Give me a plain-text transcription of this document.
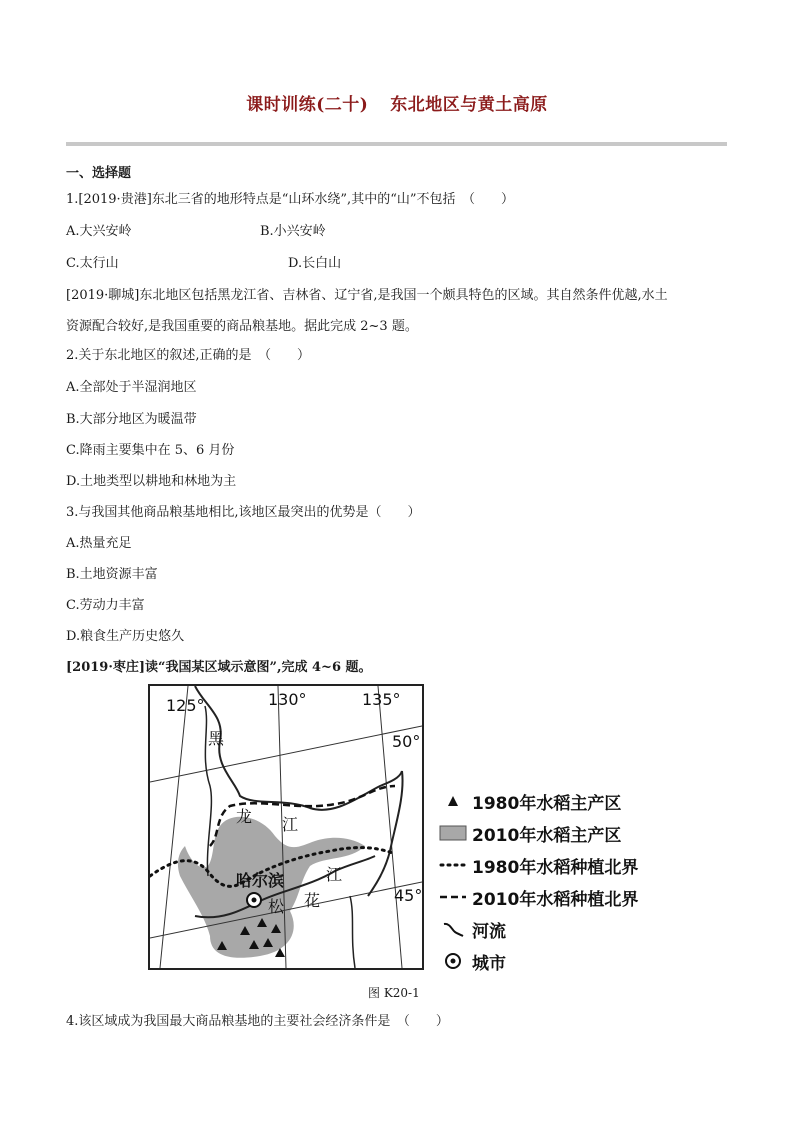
课时训练(二十) 东北地区与黄土高原
一、选择题
1.[2019·贵港]东北三省的地形特点是“山环水绕”,其中的“山”不包括　（　　）
A.大兴安岭	B.小兴安岭
C.太行山	D.长白山
[2019·聊城]东北地区包括黑龙江省、吉林省、辽宁省,是我国一个颇具特色的区域。其自然条件优越,水土
资源配合较好,是我国重要的商品粮基地。据此完成 2~3 题。
2.关于东北地区的叙述,正确的是　（　　）
A.全部处于半湿润地区
B.大部分地区为暖温带
C.降雨主要集中在 5、6 月份
D.土地类型以耕地和林地为主
3.与我国其他商品粮基地相比,该地区最突出的优势是（　　）
A.热量充足
B.土地资源丰富
C.劳动力丰富
D.粮食生产历史悠久
[2019·枣庄]读“我国某区域示意图”,完成 4~6 题。
125°	130°	135°
50°
45°
黑
龙 江
哈尔滨	江
松 花
1980年水稻主产区
2010年水稻主产区
1980年水稻种植北界
2010年水稻种植北界
河流
城市
图 K20-1
4.该区域成为我国最大商品粮基地的主要社会经济条件是　（　　）
